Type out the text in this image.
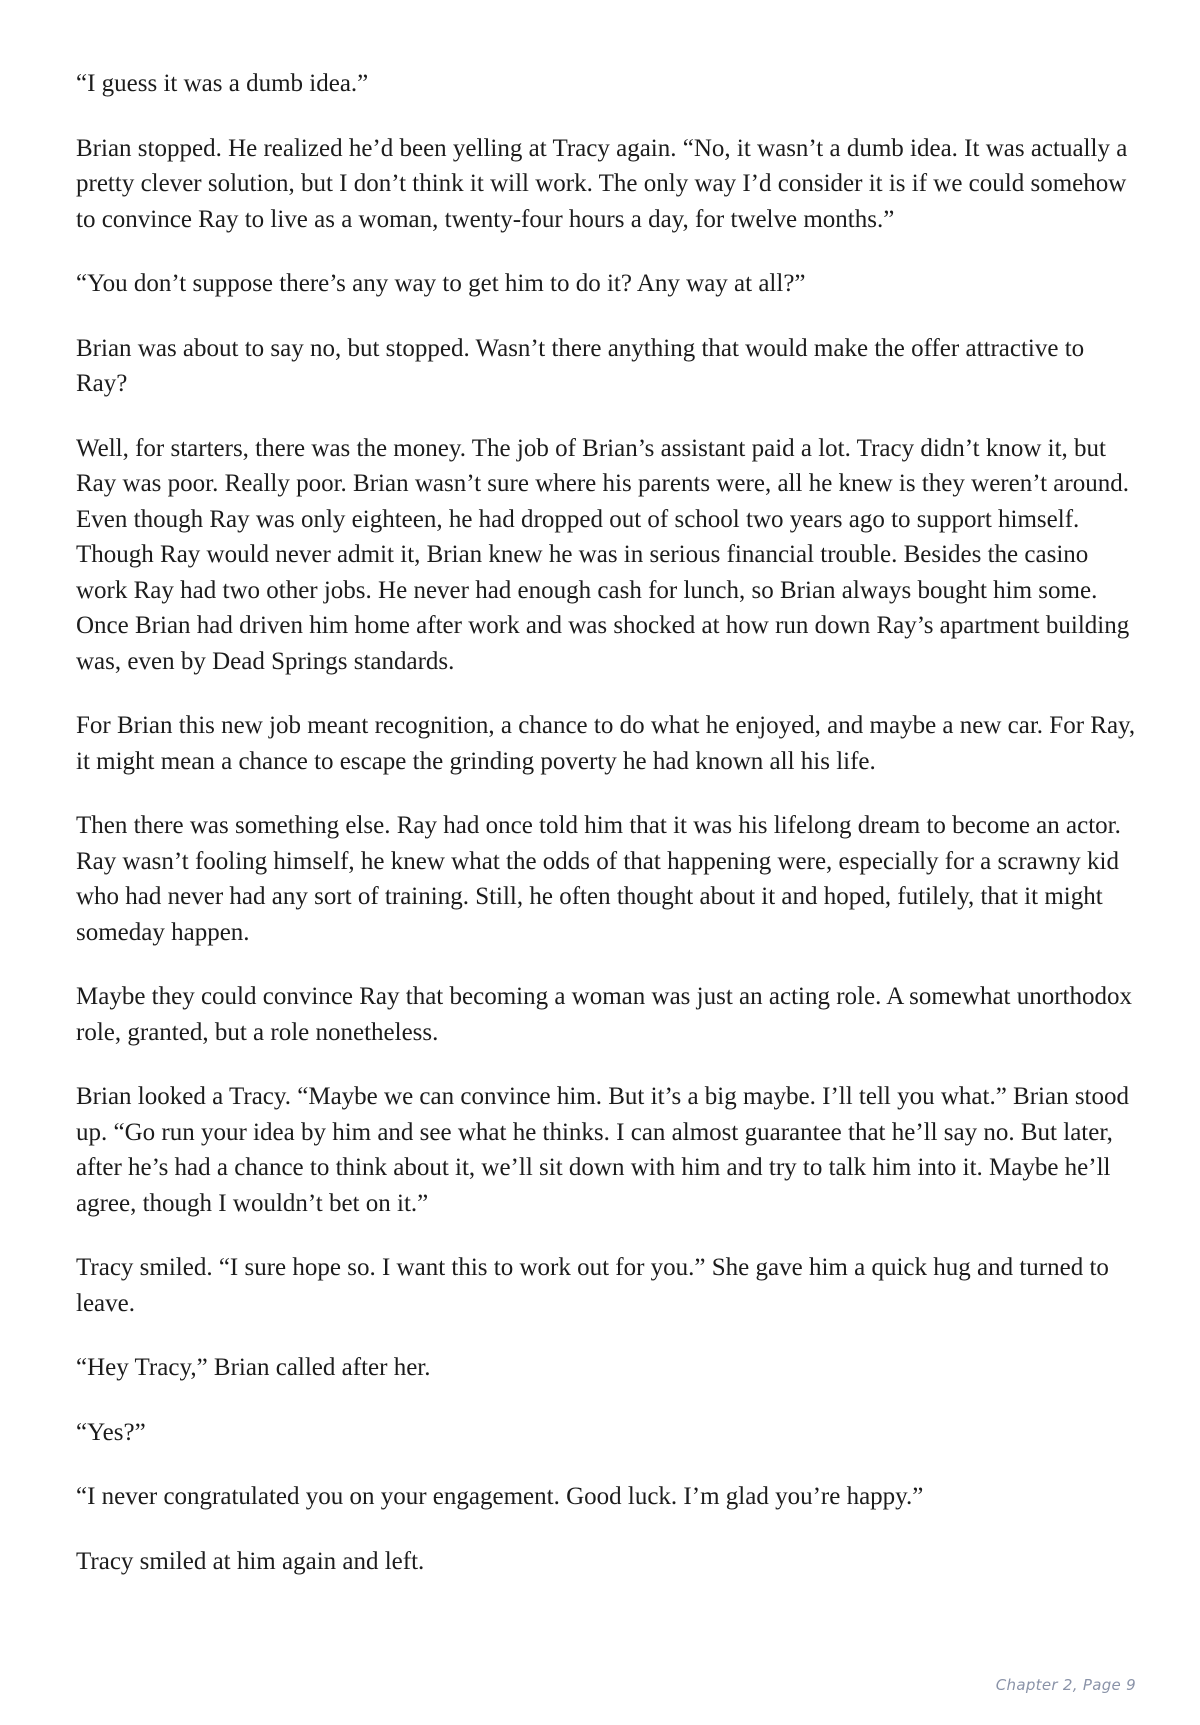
“I guess it was a dumb idea.”

Brian stopped. He realized he’d been yelling at Tracy again. “No, it wasn’t a dumb idea. It was actually a pretty clever solution, but I don’t think it will work. The only way I’d consider it is if we could somehow to convince Ray to live as a woman, twenty-four hours a day, for twelve months.”

“You don’t suppose there’s any way to get him to do it? Any way at all?”

Brian was about to say no, but stopped. Wasn’t there anything that would make the offer attractive to Ray?

Well, for starters, there was the money. The job of Brian’s assistant paid a lot. Tracy didn’t know it, but Ray was poor. Really poor. Brian wasn’t sure where his parents were, all he knew is they weren’t around. Even though Ray was only eighteen, he had dropped out of school two years ago to support himself. Though Ray would never admit it, Brian knew he was in serious financial trouble. Besides the casino work Ray had two other jobs. He never had enough cash for lunch, so Brian always bought him some. Once Brian had driven him home after work and was shocked at how run down Ray’s apartment building was, even by Dead Springs standards.

For Brian this new job meant recognition, a chance to do what he enjoyed, and maybe a new car. For Ray, it might mean a chance to escape the grinding poverty he had known all his life.

Then there was something else. Ray had once told him that it was his lifelong dream to become an actor. Ray wasn’t fooling himself, he knew what the odds of that happening were, especially for a scrawny kid who had never had any sort of training. Still, he often thought about it and hoped, futilely, that it might someday happen.

Maybe they could convince Ray that becoming a woman was just an acting role. A somewhat unorthodox role, granted, but a role nonetheless.

Brian looked a Tracy. “Maybe we can convince him. But it’s a big maybe. I’ll tell you what.” Brian stood up. “Go run your idea by him and see what he thinks. I can almost guarantee that he’ll say no. But later, after he’s had a chance to think about it, we’ll sit down with him and try to talk him into it. Maybe he’ll agree, though I wouldn’t bet on it.”

Tracy smiled. “I sure hope so. I want this to work out for you.” She gave him a quick hug and turned to leave.

“Hey Tracy,” Brian called after her.

“Yes?”

“I never congratulated you on your engagement. Good luck. I’m glad you’re happy.”

Tracy smiled at him again and left.

Chapter 2, Page 9
